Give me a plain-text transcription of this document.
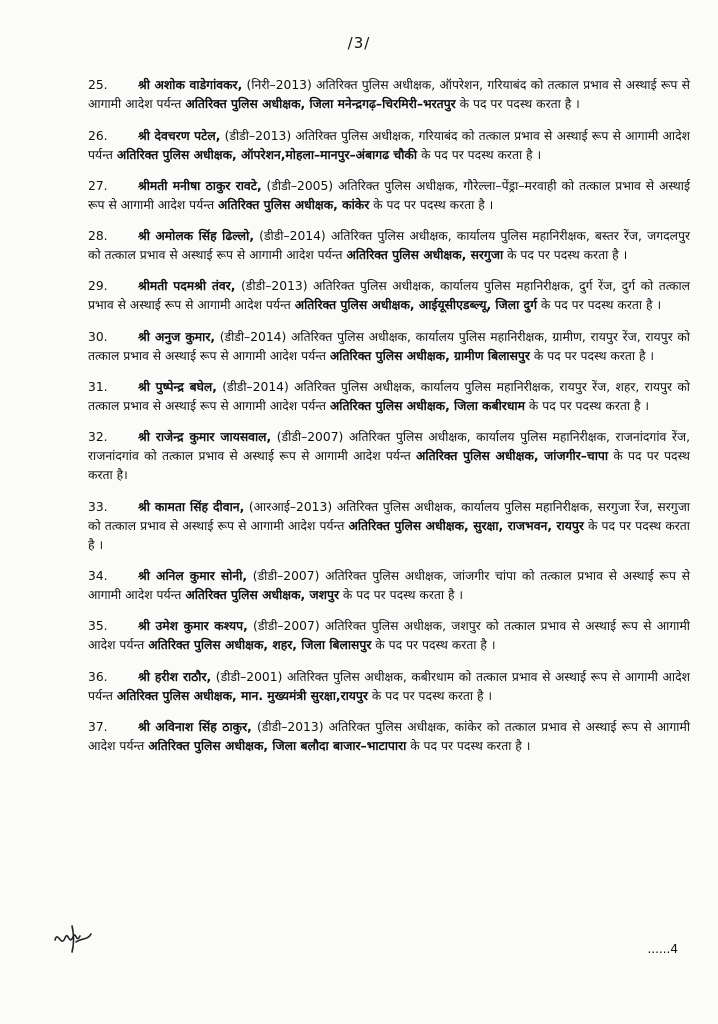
/3/

25. श्री अशोक वाडेगांवकर, (निरी–2013) अतिरिक्त पुलिस अधीक्षक, ऑपरेशन, गरियाबंद को तत्काल प्रभाव से अस्थाई रूप से आगामी आदेश पर्यन्त अतिरिक्त पुलिस अधीक्षक, जिला मनेन्द्रगढ़–चिरमिरी–भरतपुर के पद पर पदस्थ करता है ।

26. श्री देवचरण पटेल, (डीडी–2013) अतिरिक्त पुलिस अधीक्षक, गरियाबंद को तत्काल प्रभाव से अस्थाई रूप से आगामी आदेश पर्यन्त अतिरिक्त पुलिस अधीक्षक, ऑपरेशन,मोहला–मानपुर–अंबागढ चौकी के पद पर पदस्थ करता है ।

27. श्रीमती मनीषा ठाकुर रावटे, (डीडी–2005) अतिरिक्त पुलिस अधीक्षक, गौरेल्ला–पेंड्रा–मरवाही को तत्काल प्रभाव से अस्थाई रूप से आगामी आदेश पर्यन्त अतिरिक्त पुलिस अधीक्षक, कांकेर के पद पर पदस्थ करता है ।

28. श्री अमोलक सिंह ढिल्लो, (डीडी–2014) अतिरिक्त पुलिस अधीक्षक, कार्यालय पुलिस महानिरीक्षक, बस्तर रेंज, जगदलपुर को तत्काल प्रभाव से अस्थाई रूप से आगामी आदेश पर्यन्त अतिरिक्त पुलिस अधीक्षक, सरगुजा के पद पर पदस्थ करता है ।

29. श्रीमती पदमश्री तंवर, (डीडी–2013) अतिरिक्त पुलिस अधीक्षक, कार्यालय पुलिस महानिरीक्षक, दुर्ग रेंज, दुर्ग को तत्काल प्रभाव से अस्थाई रूप से आगामी आदेश पर्यन्त अतिरिक्त पुलिस अधीक्षक, आईयूसीएडब्ल्यू, जिला दुर्ग के पद पर पदस्थ करता है ।

30. श्री अनुज कुमार, (डीडी–2014) अतिरिक्त पुलिस अधीक्षक, कार्यालय पुलिस महानिरीक्षक, ग्रामीण, रायपुर रेंज, रायपुर को तत्काल प्रभाव से अस्थाई रूप से आगामी आदेश पर्यन्त अतिरिक्त पुलिस अधीक्षक, ग्रामीण बिलासपुर के पद पर पदस्थ करता है ।

31. श्री पुष्पेन्द्र बघेल, (डीडी–2014) अतिरिक्त पुलिस अधीक्षक, कार्यालय पुलिस महानिरीक्षक, रायपुर रेंज, शहर, रायपुर को तत्काल प्रभाव से अस्थाई रूप से आगामी आदेश पर्यन्त अतिरिक्त पुलिस अधीक्षक, जिला कबीरधाम के पद पर पदस्थ करता है ।

32. श्री राजेन्द्र कुमार जायसवाल, (डीडी–2007) अतिरिक्त पुलिस अधीक्षक, कार्यालय पुलिस महानिरीक्षक, राजनांदगांव रेंज, राजनांदगांव को तत्काल प्रभाव से अस्थाई रूप से आगामी आदेश पर्यन्त अतिरिक्त पुलिस अधीक्षक, जांजगीर–चापा के पद पर पदस्थ करता है।

33. श्री कामता सिंह दीवान, (आरआई–2013) अतिरिक्त पुलिस अधीक्षक, कार्यालय पुलिस महानिरीक्षक, सरगुजा रेंज, सरगुजा को तत्काल प्रभाव से अस्थाई रूप से आगामी आदेश पर्यन्त अतिरिक्त पुलिस अधीक्षक, सुरक्षा, राजभवन, रायपुर के पद पर पदस्थ करता है ।

34. श्री अनिल कुमार सोनी, (डीडी–2007) अतिरिक्त पुलिस अधीक्षक, जांजगीर चांपा को तत्काल प्रभाव से अस्थाई रूप से आगामी आदेश पर्यन्त अतिरिक्त पुलिस अधीक्षक, जशपुर के पद पर पदस्थ करता है ।

35. श्री उमेश कुमार कश्यप, (डीडी–2007) अतिरिक्त पुलिस अधीक्षक, जशपुर को तत्काल प्रभाव से अस्थाई रूप से आगामी आदेश पर्यन्त अतिरिक्त पुलिस अधीक्षक, शहर, जिला बिलासपुर के पद पर पदस्थ करता है ।

36. श्री हरीश राठौर, (डीडी–2001) अतिरिक्त पुलिस अधीक्षक, कबीरधाम को तत्काल प्रभाव से अस्थाई रूप से आगामी आदेश पर्यन्त अतिरिक्त पुलिस अधीक्षक, मान. मुख्यमंत्री सुरक्षा,रायपुर के पद पर पदस्थ करता है ।

37. श्री अविनाश सिंह ठाकुर, (डीडी–2013) अतिरिक्त पुलिस अधीक्षक, कांकेर को तत्काल प्रभाव से अस्थाई रूप से आगामी आदेश पर्यन्त अतिरिक्त पुलिस अधीक्षक, जिला बलौदा बाजार–भाटापारा के पद पर पदस्थ करता है ।

......4
